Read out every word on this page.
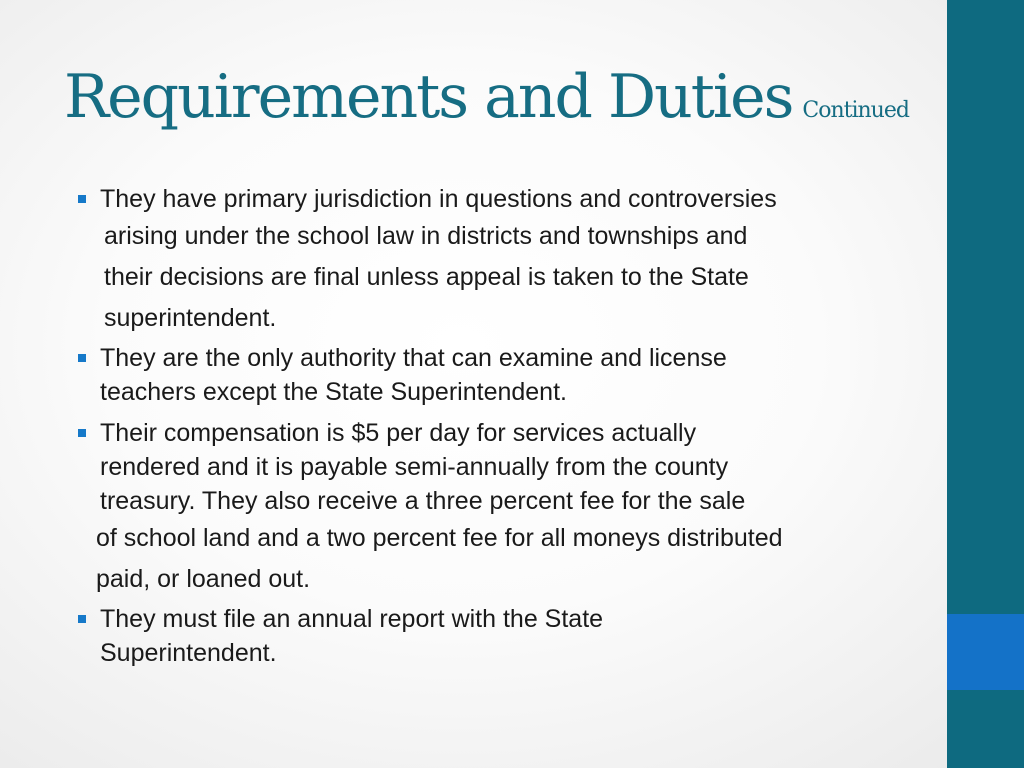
Requirements and Duties Continued
They have primary jurisdiction in questions and controversies
arising under the school law in districts and townships and
their decisions are final unless appeal is taken to the State
superintendent.
They are the only authority that can examine and license
teachers except the State Superintendent.
Their compensation is $5 per day for services actually
rendered and it is payable semi-annually from the county
treasury. They also receive a three percent fee for the sale
of school land and a two percent fee for all moneys distributed
paid, or loaned out.
They must file an annual report with the State
Superintendent.
